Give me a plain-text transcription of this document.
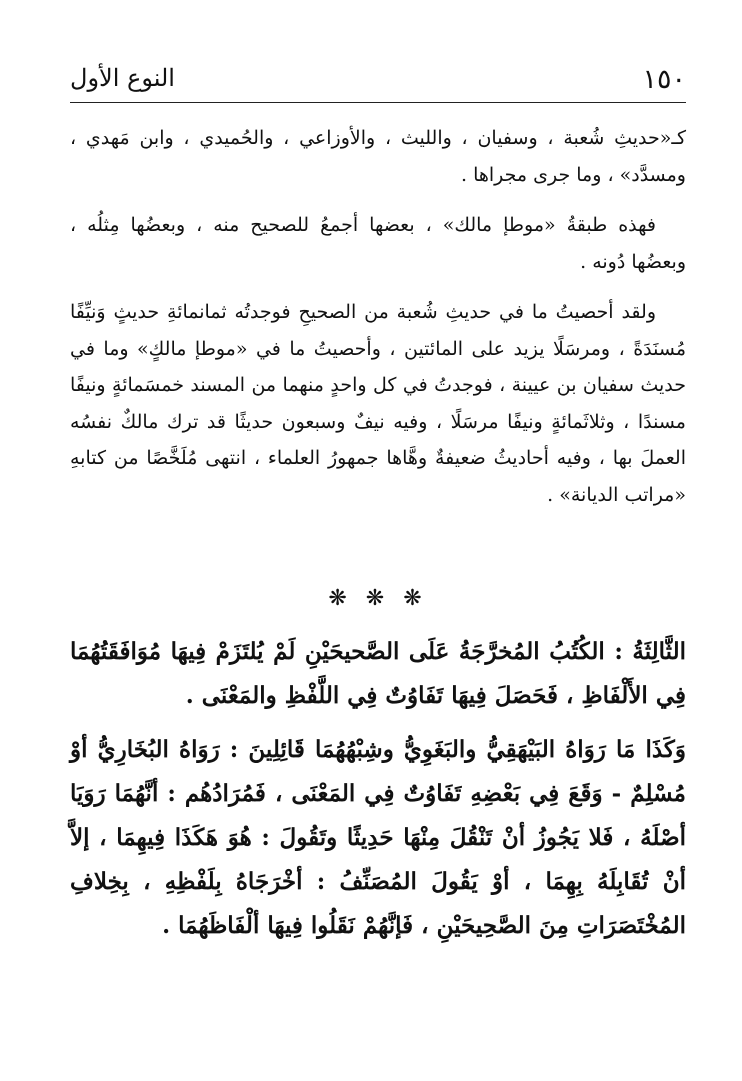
١٥٠
النوع الأول

كـ«حديثِ شُعبة ، وسفيان ، والليث ، والأوزاعي ، والحُميدي ، وابن مَهدي ، ومسدَّد» ، وما جرى مجراها .

فهذه طبقةُ «موطإ مالك» ، بعضها أجمعُ للصحيح منه ، وبعضُها مِثلُه ، وبعضُها دُونه .

ولقد أحصيتُ ما في حديثِ شُعبة من الصحيحِ فوجدتُه ثمانمائةِ حديثٍ وَنيِّفًا مُسنَدَةً ، ومرسَلًا يزيد على المائتين ، وأحصيتُ ما في «موطإ مالكٍ» وما في حديث سفيان بن عيينة ، فوجدتُ في كل واحدٍ منهما من المسند خمسَمائةٍ ونيفًا مسندًا ، وثلاثَمائةٍ ونيفًا مرسَلًا ، وفيه نيفٌ وسبعون حديثًا قد ترك مالكٌ نفسُه العملَ بها ، وفيه أحاديثُ ضعيفةٌ وهَّاها جمهورُ العلماء ، انتهى مُلَخَّصًا من كتابهِ «مراتب الديانة» .

❋ ❋ ❋

الثَّالِثَةُ : الكُتُبُ المُخرَّجَةُ عَلَى الصَّحيحَيْنِ لَمْ يُلتَزَمْ فِيهَا مُوَافَقَتُهُمَا فِي الأَلْفَاظِ ، فَحَصَلَ فِيهَا تَفَاوُتٌ فِي اللَّفْظِ والمَعْنَى .

وَكَذَا مَا رَوَاهُ البَيْهَقِيُّ والبَغَوِيُّ وشِبْهُهُمَا قَائِلِينَ : رَوَاهُ البُخَارِيُّ أوْ مُسْلِمٌ - وَقَعَ فِي بَعْضِهِ تَفَاوُتٌ فِي المَعْنَى ، فَمُرَادُهُم : أنَّهُمَا رَوَيَا أصْلَهُ ، فَلا يَجُوزُ أنْ تَنْقُلَ مِنْهَا حَدِيثًا وتَقُولَ : هُوَ هَكَذَا فِيهِمَا ، إلاَّ أنْ تُقَابِلَهُ بِهِمَا ، أوْ يَقُولَ المُصَنِّفُ : أخْرَجَاهُ بِلَفْظِهِ ، بِخِلافِ المُخْتَصَرَاتِ مِنَ الصَّحِيحَيْنِ ، فَإنَّهُمْ نَقَلُوا فِيهَا ألْفَاظَهُمَا .
